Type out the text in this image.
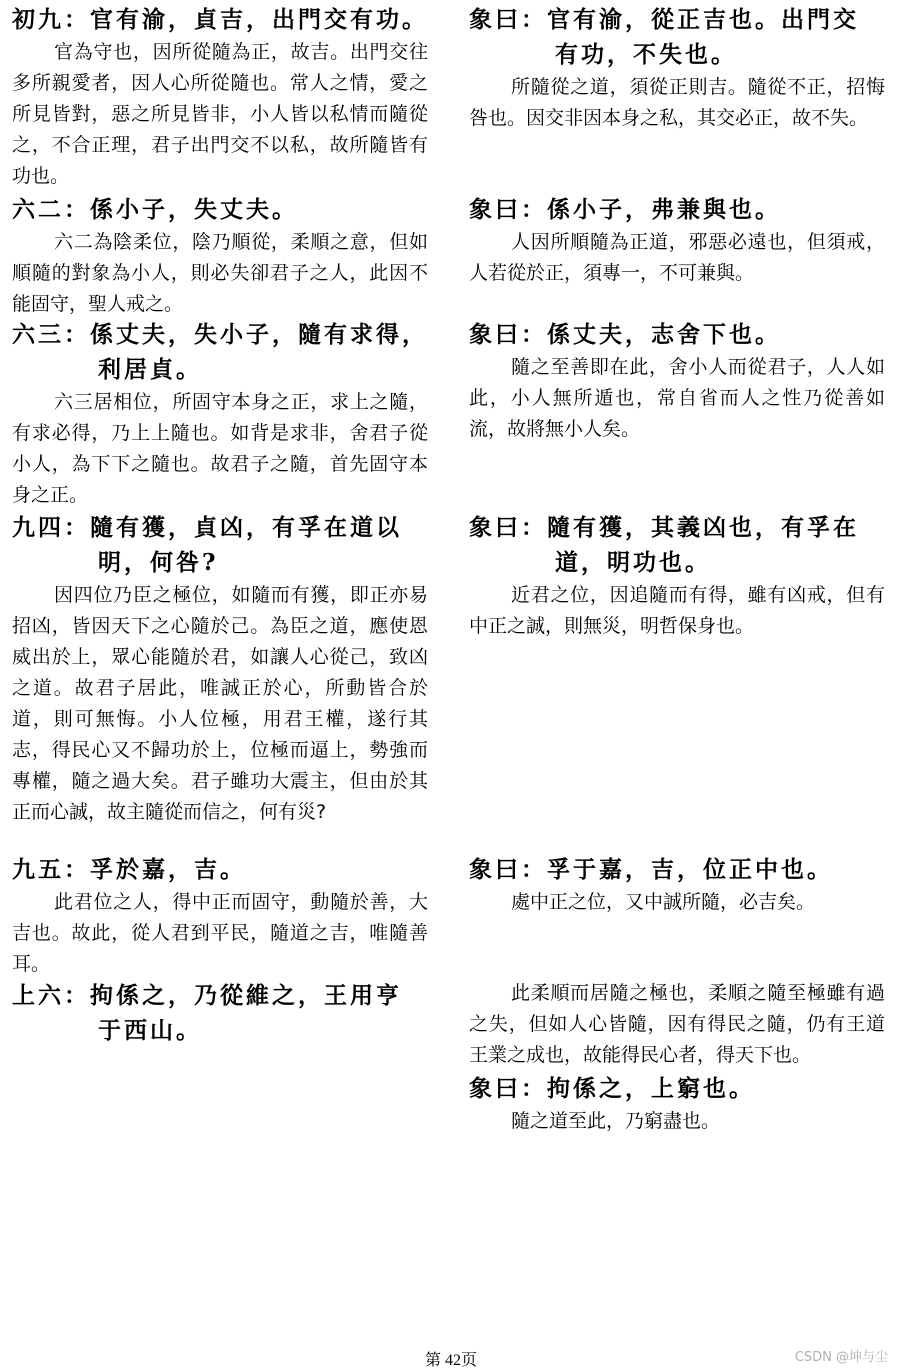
初九：官有渝，貞吉，出門交有功。

官為守也，因所從隨為正，故吉。出門交往多所親愛者，因人心所從隨也。常人之情，愛之所見皆對，惡之所見皆非，小人皆以私情而隨從之，不合正理，君子出門交不以私，故所隨皆有功也。

六二：係小子，失丈夫。

六二為陰柔位，陰乃順從，柔順之意，但如順隨的對象為小人，則必失卻君子之人，此因不能固守，聖人戒之。

六三：係丈夫，失小子，隨有求得，
利居貞。

六三居相位，所固守本身之正，求上之隨，有求必得，乃上上隨也。如背是求非，舍君子從小人，為下下之隨也。故君子之隨，首先固守本身之正。

九四：隨有獲，貞凶，有孚在道以
明，何咎?

因四位乃臣之極位，如隨而有獲，即正亦易招凶，皆因天下之心隨於己。為臣之道，應使恩威出於上，眾心能隨於君，如讓人心從己，致凶之道。故君子居此，唯誠正於心，所動皆合於道，則可無悔。小人位極，用君王權，遂行其志，得民心又不歸功於上，位極而逼上，勢強而專權，隨之過大矣。君子雖功大震主，但由於其正而心誠，故主隨從而信之，何有災?

九五：孚於嘉，吉。

此君位之人，得中正而固守，動隨於善，大吉也。故此，從人君到平民，隨道之吉，唯隨善耳。

上六：拘係之，乃從維之，王用亨
于西山。

象曰：官有渝，從正吉也。出門交
有功，不失也。

所隨從之道，須從正則吉。隨從不正，招悔咎也。因交非因本身之私，其交必正，故不失。

象曰：係小子，弗兼與也。

人因所順隨為正道，邪惡必遠也，但須戒，人若從於正，須專一，不可兼與。

象曰：係丈夫，志舍下也。

隨之至善即在此，舍小人而從君子，人人如此，小人無所遁也，常自省而人之性乃從善如流，故將無小人矣。

象曰：隨有獲，其義凶也，有孚在
道，明功也。

近君之位，因追隨而有得，雖有凶戒，但有中正之誠，則無災，明哲保身也。

象曰：孚于嘉，吉，位正中也。

處中正之位，又中誠所隨，必吉矣。

此柔順而居隨之極也，柔順之隨至極雖有過之失，但如人心皆隨，因有得民之隨，仍有王道王業之成也，故能得民心者，得天下也。

象曰：拘係之，上窮也。

隨之道至此，乃窮盡也。

第 42页	CSDN @坤与尘
